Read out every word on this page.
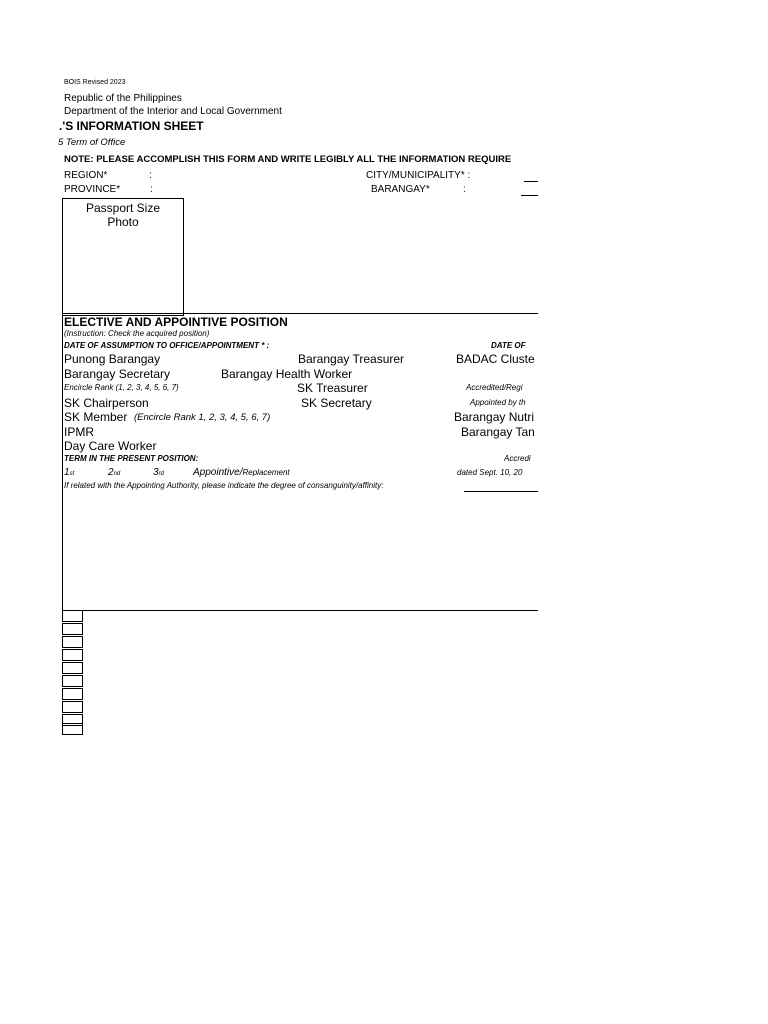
BOIS Revised 2023
Republic of the Philippines
Department of the Interior and Local Government
.'S INFORMATION SHEET
5 Term of Office
NOTE: PLEASE ACCOMPLISH THIS FORM AND WRITE LEGIBLY ALL THE INFORMATION REQUIRE
REGION*	:
PROVINCE*	:
CITY/MUNICIPALITY* :
BARANGAY*	:
Passport Size
Photo
ELECTIVE AND APPOINTIVE POSITION
(Instruction: Check the acquired position)
DATE OF ASSUMPTION TO OFFICE/APPOINTMENT * :	DATE OF
Punong Barangay	Barangay Treasurer	BADAC Cluste
Barangay Secretary	Barangay Health Worker
Encircle Rank (1, 2, 3, 4, 5, 6, 7)	SK Treasurer	Accredited/Regi
SK Chairperson	SK Secretary	Appointed by th
SK Member (Encircle Rank 1, 2, 3, 4, 5, 6, 7)	Barangay Nutri
IPMR	Barangay Tan
Day Care Worker
TERM IN THE PRESENT POSITION:	Accredi
1st	2nd	3rd	Appointive/Replacement	dated Sept. 10, 20
If related with the Appointing Authority, please indicate the degree of consanguinity/affinity:
